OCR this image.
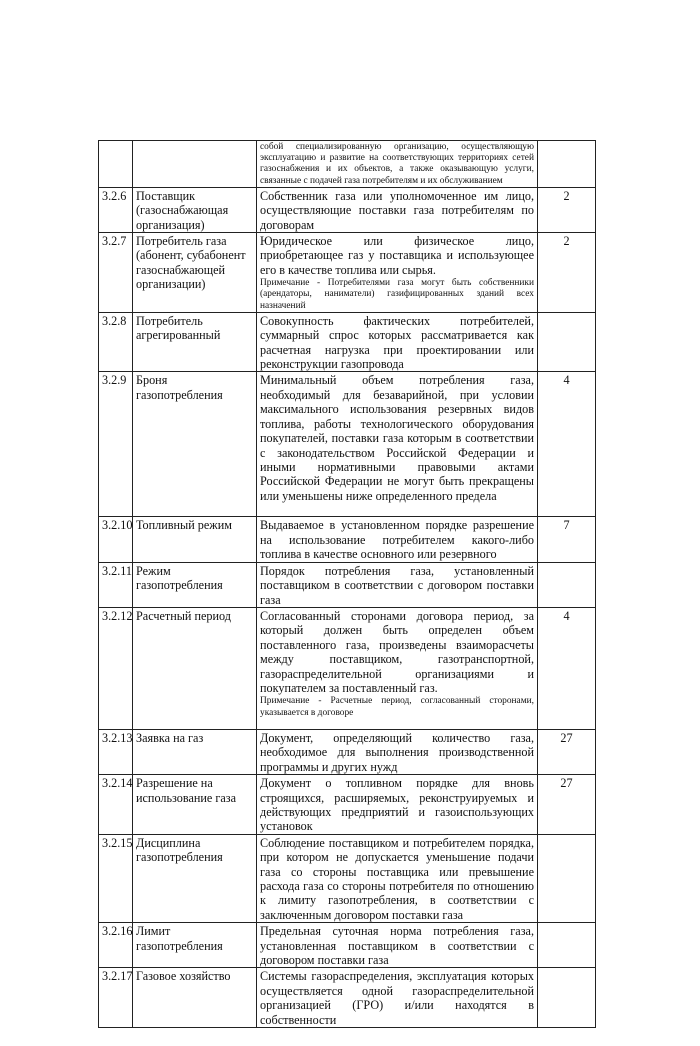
		собой специализированную организацию, осуществляющую эксплуатацию и развитие на соответствующих территориях сетей газоснабжения и их объектов, а также оказывающую услуги, связанные с подачей газа потребителям и их обслуживанием	

3.2.6	Поставщик (газоснабжающая организация)	Собственник газа или уполномоченное им лицо, осуществляющие поставки газа потребителям по договорам	2

3.2.7	Потребитель газа (абонент, субабонент газоснабжающей организации)	Юридическое или физическое лицо, приобретающее газ у поставщика и использующее его в качестве топлива или сырья.
Примечание - Потребителями газа могут быть собственники (арендаторы, наниматели) газифицированных зданий всех назначений	2

3.2.8	Потребитель агрегированный	Совокупность фактических потребителей, суммарный спрос которых рассматривается как расчетная нагрузка при проектировании или реконструкции газопровода	

3.2.9	Броня газопотребления	Минимальный объем потребления газа, необходимый для безаварийной, при условии максимального использования резервных видов топлива, работы технологического оборудования покупателей, поставки газа которым в соответствии с законодательством Российской Федерации и иными нормативными правовыми актами Российской Федерации не могут быть прекращены или уменьшены ниже определенного предела	4

3.2.10	Топливный режим	Выдаваемое в установленном порядке разрешение на использование потребителем какого-либо топлива в качестве основного или резервного	7

3.2.11	Режим газопотребления	Порядок потребления газа, установленный поставщиком в соответствии с договором поставки газа	

3.2.12	Расчетный период	Согласованный сторонами договора период, за который должен быть определен объем поставленного газа, произведены взаиморасчеты между поставщиком, газотранспортной, газораспределительной организациями и покупателем за поставленный газ.
Примечание - Расчетные период, согласованный сторонами, указывается в договоре	4

3.2.13	Заявка на газ	Документ, определяющий количество газа, необходимое для выполнения производственной программы и других нужд	27

3.2.14	Разрешение на использование газа	Документ о топливном порядке для вновь строящихся, расширяемых, реконструируемых и действующих предприятий и газоиспользующих установок	27

3.2.15	Дисциплина газопотребления	Соблюдение поставщиком и потребителем порядка, при котором не допускается уменьшение подачи газа со стороны поставщика или превышение расхода газа со стороны потребителя по отношению к лимиту газопотребления, в соответствии с заключенным договором поставки газа	

3.2.16	Лимит газопотребления	Предельная суточная норма потребления газа, установленная поставщиком в соответствии с договором поставки газа	

3.2.17	Газовое хозяйство	Системы газораспределения, эксплуатация которых осуществляется одной газораспределительной организацией (ГРО) и/или находятся в собственности	
